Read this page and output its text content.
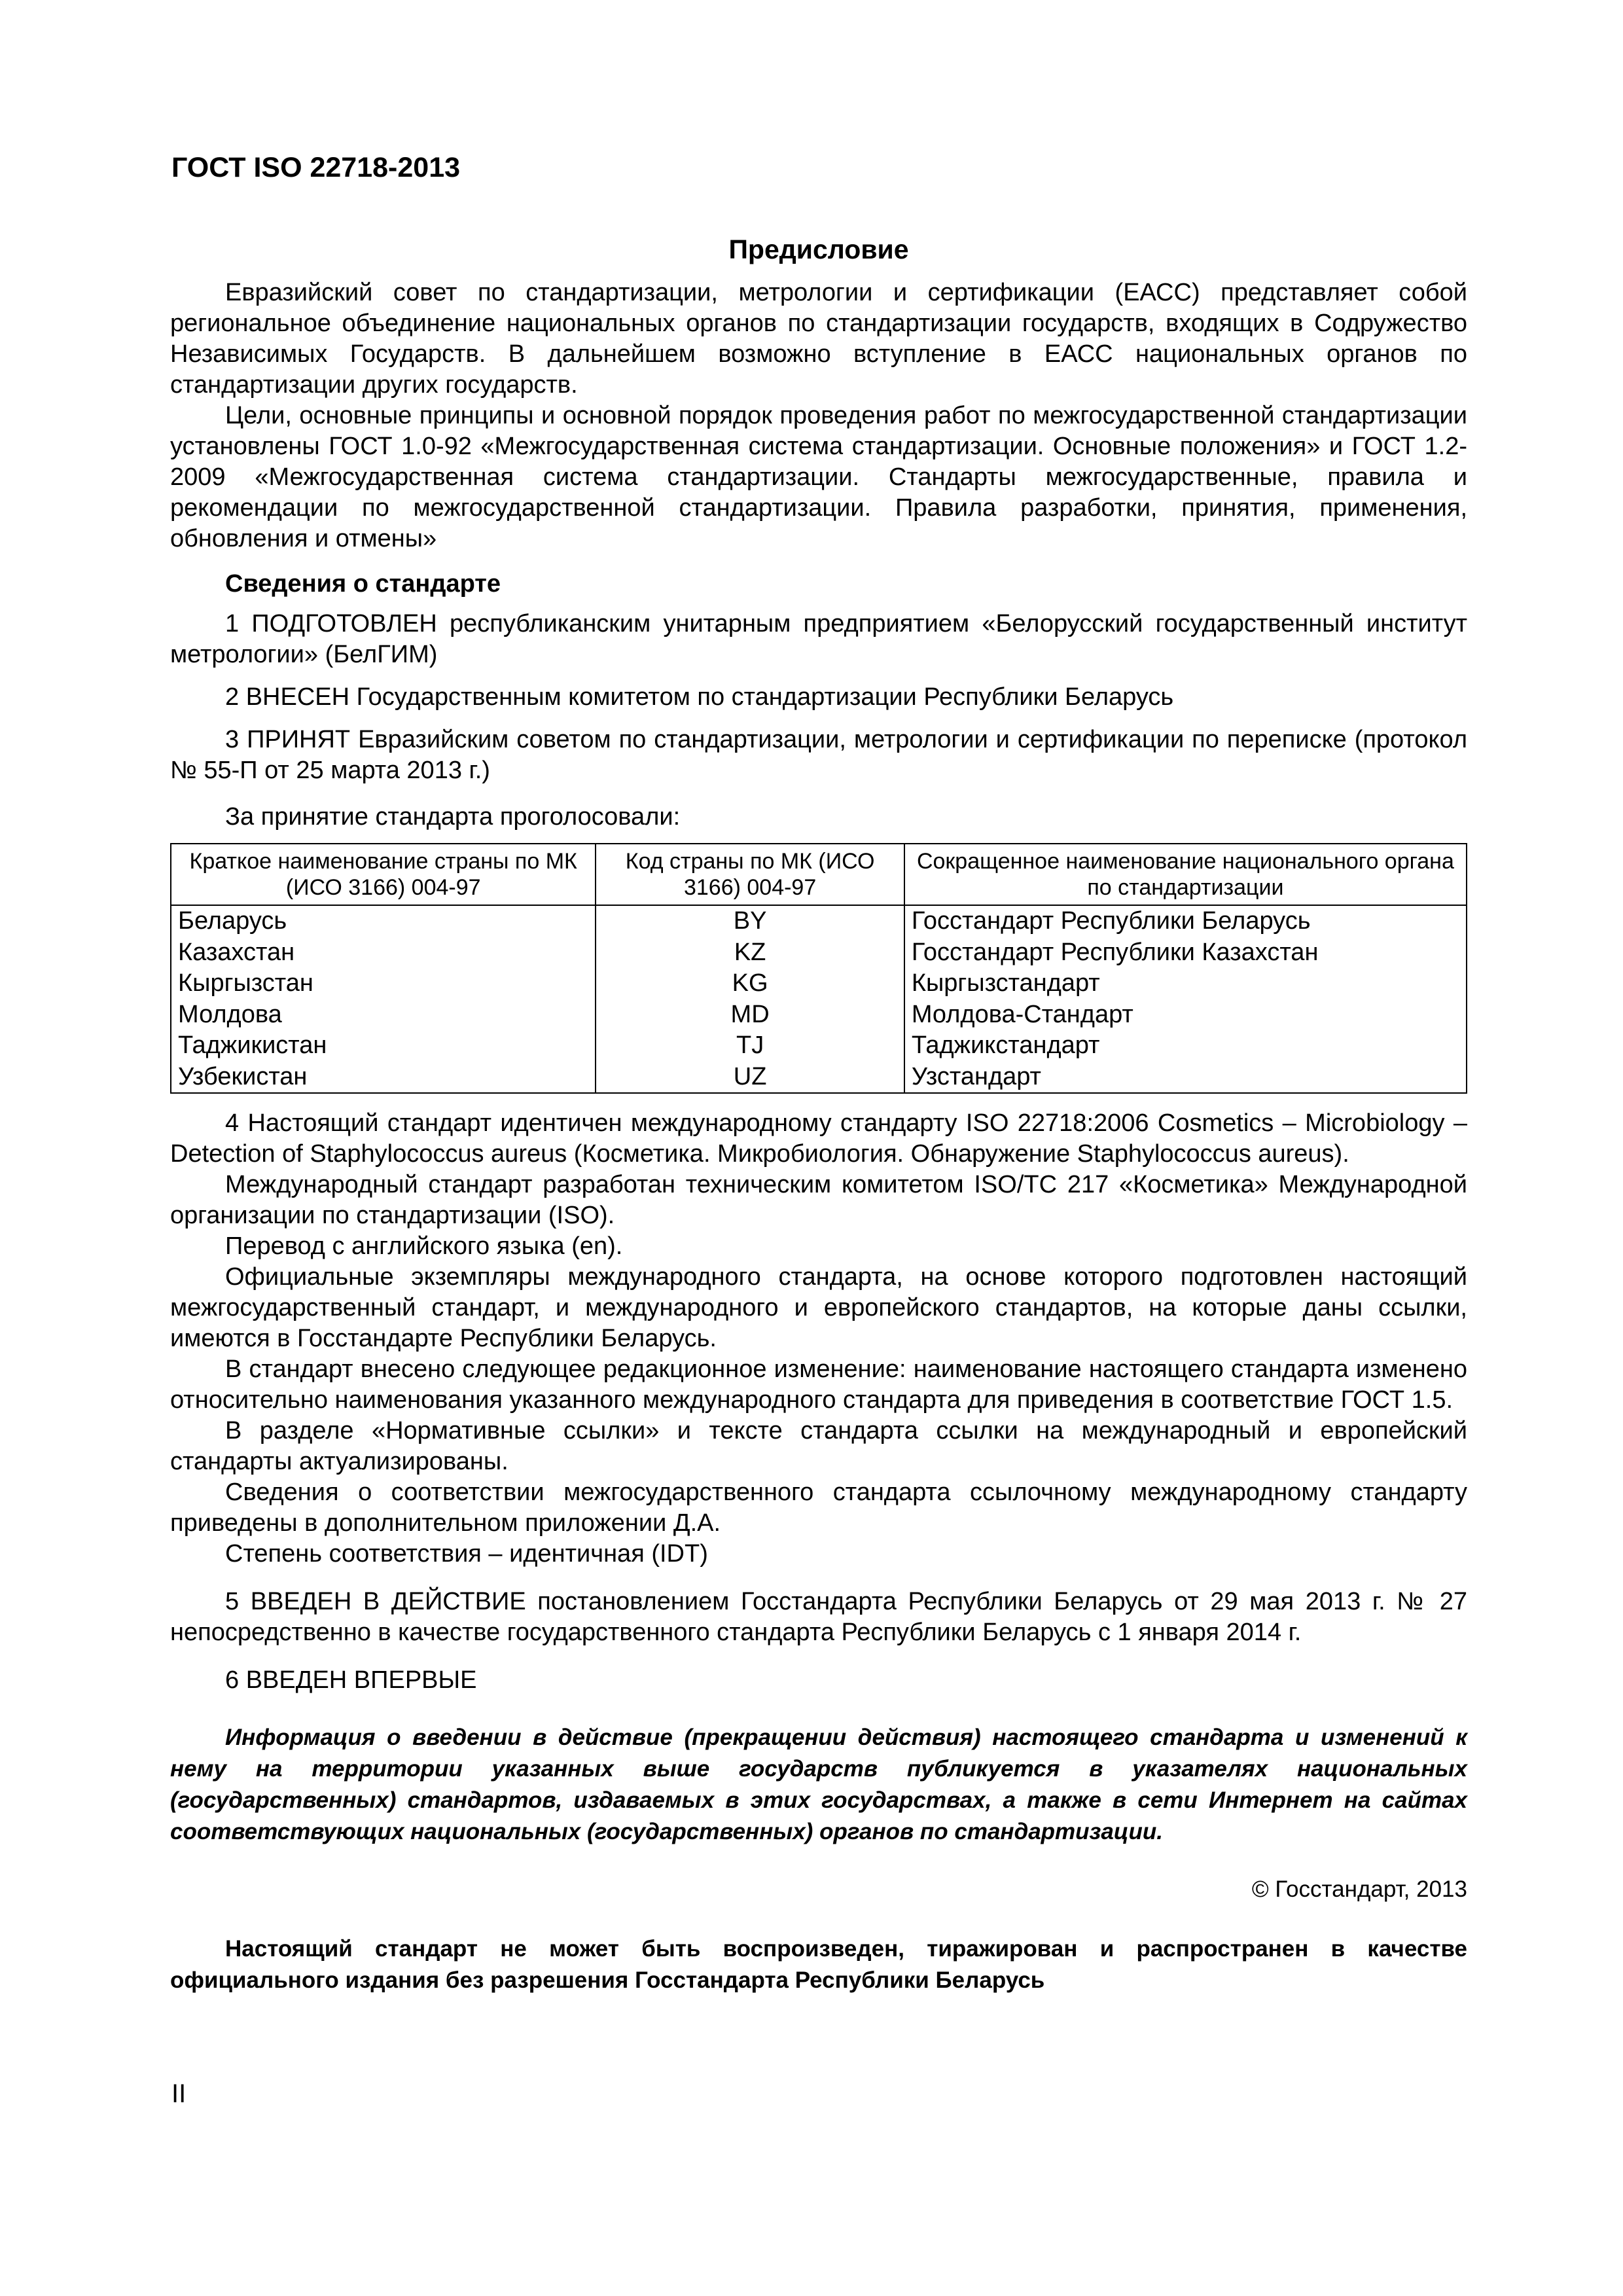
ГОСТ ISO 22718-2013
Предисловие

Евразийский совет по стандартизации, метрологии и сертификации (ЕАСС) представляет собой региональное объединение национальных органов по стандартизации государств, входящих в Содружество Независимых Государств. В дальнейшем возможно вступление в ЕАСС национальных органов по стандартизации других государств.

Цели, основные принципы и основной порядок проведения работ по межгосударственной стандартизации установлены ГОСТ 1.0-92 «Межгосударственная система стандартизации. Основные положения» и ГОСТ 1.2-2009 «Межгосударственная система стандартизации. Стандарты межгосударственные, правила и рекомендации по межгосударственной стандартизации. Правила разработки, принятия, применения, обновления и отмены»

Сведения о стандарте

1 ПОДГОТОВЛЕН республиканским унитарным предприятием «Белорусский государственный институт метрологии» (БелГИМ)

2 ВНЕСЕН Государственным комитетом по стандартизации Республики Беларусь

3 ПРИНЯТ Евразийским советом по стандартизации, метрологии и сертификации по переписке (протокол № 55-П от 25 марта 2013 г.)

За принятие стандарта проголосовали:
Краткое наименование страны по МК (ИСО 3166) 004-97	Код страны по МК (ИСО 3166) 004-97	Сокращенное наименование национального органа по стандартизации
Беларусь	BY	Госстандарт Республики Беларусь
Казахстан	KZ	Госстандарт Республики Казахстан
Кыргызстан	KG	Кыргызстандарт
Молдова	MD	Молдова-Стандарт
Таджикистан	TJ	Таджикстандарт
Узбекистан	UZ	Узстандарт

4 Настоящий стандарт идентичен международному стандарту ISO 22718:2006 Cosmetics – Microbiology – Detection of Staphylococcus aureus (Косметика. Микробиология. Обнаружение Staphylococcus aureus).

Международный стандарт разработан техническим комитетом ISO/TC 217 «Косметика» Международной организации по стандартизации (ISO).

Перевод с английского языка (en).

Официальные экземпляры международного стандарта, на основе которого подготовлен настоящий межгосударственный стандарт, и международного и европейского стандартов, на которые даны ссылки, имеются в Госстандарте Республики Беларусь.

В стандарт внесено следующее редакционное изменение: наименование настоящего стандарта изменено относительно наименования указанного международного стандарта для приведения в соответствие ГОСТ 1.5.

В разделе «Нормативные ссылки» и тексте стандарта ссылки на международный и европейский стандарты актуализированы.

Сведения о соответствии межгосударственного стандарта ссылочному международному стандарту приведены в дополнительном приложении Д.А.

Степень соответствия – идентичная (IDT)

5 ВВЕДЕН В ДЕЙСТВИЕ постановлением Госстандарта Республики Беларусь от 29 мая 2013 г. № 27 непосредственно в качестве государственного стандарта Республики Беларусь с 1 января 2014 г.

6 ВВЕДЕН ВПЕРВЫЕ

Информация о введении в действие (прекращении действия) настоящего стандарта и изменений к нему на территории указанных выше государств публикуется в указателях национальных (государственных) стандартов, издаваемых в этих государствах, а также в сети Интернет на сайтах соответствующих национальных (государственных) органов по стандартизации.

© Госстандарт, 2013

Настоящий стандарт не может быть воспроизведен, тиражирован и распространен в качестве официального издания без разрешения Госстандарта Республики Беларусь

II
